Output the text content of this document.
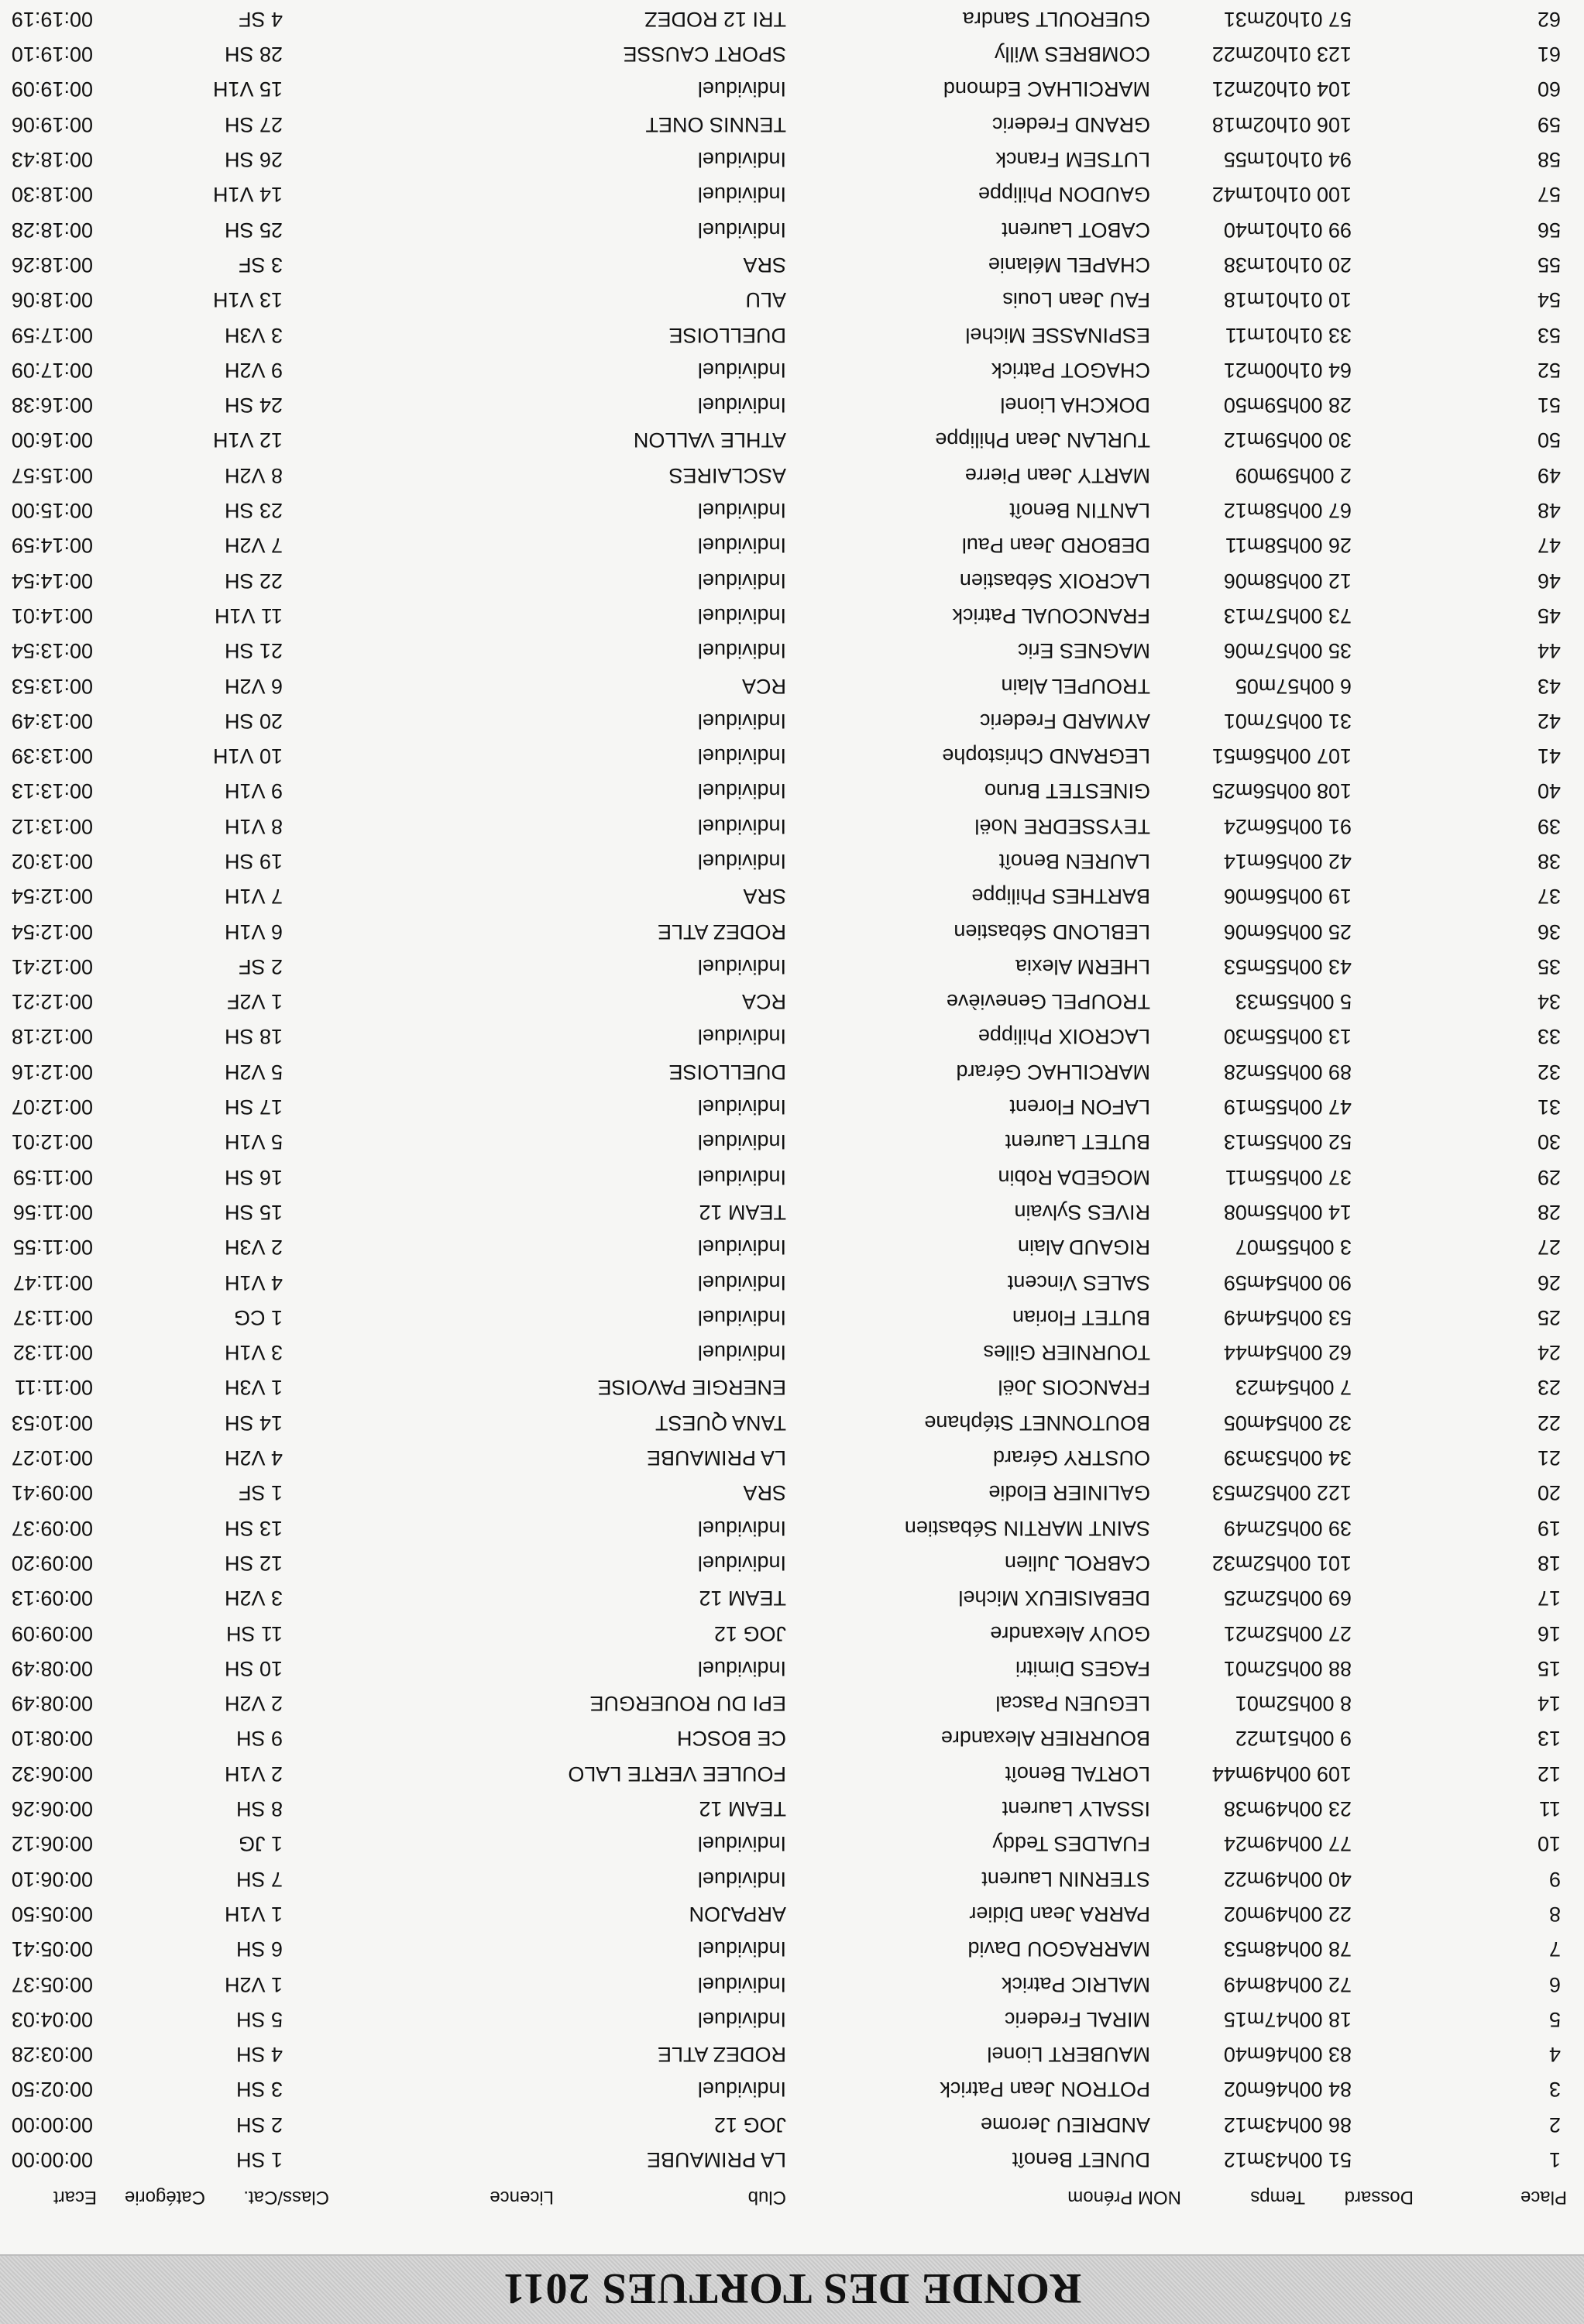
RONDE DES TORTUES 2011
Place
Dossard
Temps
NOM Prénom
Club
Licence
Class/Cat.
Catégorie
Ecart
1
51 00h43m12
DUNET Benoît
LA PRIMAUBE
1 SH
00:00:00
2
86 00h43m12
ANDRIEU Jerome
JOG 12
2 SH
00:00:00
3
84 00h46m02
POTRON Jean Patrick
Individuel
3 SH
00:02:50
4
83 00h46m40
MAUBERT Lionel
RODEZ ATLE
4 SH
00:03:28
5
18 00h47m15
MIRAL Frederic
Individuel
5 SH
00:04:03
6
72 00h48m49
MALRIC Patrick
Individuel
1 V2H
00:05:37
7
78 00h48m53
MARRAGOU David
Individuel
6 SH
00:05:41
8
22 00h49m02
PARRA Jean Didier
ARPAJON
1 V1H
00:05:50
9
40 00h49m22
STERNIN Laurent
Individuel
7 SH
00:06:10
10
77 00h49m24
FUALDES Teddy
Individuel
1 JG
00:06:12
11
23 00h49m38
ISSALY Laurent
TEAM 12
8 SH
00:06:26
12
109 00h49m44
LORTAL Benoît
FOULEE VERTE LALO
2 V1H
00:06:32
13
9 00h51m22
BOURRIER Alexandre
CE BOSCH
9 SH
00:08:10
14
8 00h52m01
LEGUEN Pascal
EPI DU ROUERGUE
2 V2H
00:08:49
15
88 00h52m01
FAGES Dimitri
Individuel
10 SH
00:08:49
16
27 00h52m21
GOUY Alexandre
JOG 12
11 SH
00:09:09
17
69 00h52m25
DEBAISIEUX Michel
TEAM 12
3 V2H
00:09:13
18
101 00h52m32
CABROL Julien
Individuel
12 SH
00:09:20
19
39 00h52m49
SAINT MARTIN Sébastien
Individuel
13 SH
00:09:37
20
122 00h52m53
GALINIER Elodie
SRA
1 SF
00:09:41
21
34 00h53m39
OUSTRY Gérard
LA PRIMAUBE
4 V2H
00:10:27
22
32 00h54m05
BOUTONNET Stéphane
TANA QUEST
14 SH
00:10:53
23
7 00h54m23
FRANCOIS Joël
ENERGIE PAVOISE
1 V3H
00:11:11
24
62 00h54m44
TOURNIER Gilles
Individuel
3 V1H
00:11:32
25
53 00h54m49
BUTET Florian
Individuel
1 CG
00:11:37
26
90 00h54m59
SALES Vincent
Individuel
4 V1H
00:11:47
27
3 00h55m07
RIGAUD Alain
Individuel
2 V3H
00:11:55
28
14 00h55m08
RIVES Sylvain
TEAM 12
15 SH
00:11:56
29
37 00h55m11
MOGEDA Robin
Individuel
16 SH
00:11:59
30
52 00h55m13
BUTET Laurent
Individuel
5 V1H
00:12:01
31
47 00h55m19
LAFON Florent
Individuel
17 SH
00:12:07
32
89 00h55m28
MARCILHAC Gérard
DUELLOISE
5 V2H
00:12:16
33
13 00h55m30
LACROIX Philippe
Individuel
18 SH
00:12:18
34
5 00h55m33
TROUPEL Geneviève
RCA
1 V2F
00:12:21
35
43 00h55m53
LHERM Alexia
Individuel
2 SF
00:12:41
36
25 00h56m06
LEBLOND Sébastien
RODEZ ATLE
6 V1H
00:12:54
37
19 00h56m06
BARTHES Philippe
SRA
7 V1H
00:12:54
38
42 00h56m14
LAUREN Benoît
Individuel
19 SH
00:13:02
39
91 00h56m24
TEYSSEDRE Noël
Individuel
8 V1H
00:13:12
40
108 00h56m25
GINESTET Bruno
Individuel
9 V1H
00:13:13
41
107 00h56m51
LEGRAND Christophe
Individuel
10 V1H
00:13:39
42
31 00h57m01
AYMARD Frederic
Individuel
20 SH
00:13:49
43
6 00h57m05
TROUPEL Alain
RCA
6 V2H
00:13:53
44
35 00h57m06
MAGNES Eric
Individuel
21 SH
00:13:54
45
73 00h57m13
FRANCOUAL Patrick
Individuel
11 V1H
00:14:01
46
12 00h58m06
LACROIX Sébastien
Individuel
22 SH
00:14:54
47
26 00h58m11
DEBORD Jean Paul
Individuel
7 V2H
00:14:59
48
67 00h58m12
LANTIN Benoît
Individuel
23 SH
00:15:00
49
2 00h59m09
MARTY Jean Pierre
ASCLAIRES
8 V2H
00:15:57
50
30 00h59m12
TURLAN Jean Philippe
ATHLE VALLON
12 V1H
00:16:00
51
28 00h59m50
DOKCHA Lionel
Individuel
24 SH
00:16:38
52
64 01h00m21
CHAGOT Patrick
Individuel
9 V2H
00:17:09
53
33 01h01m11
ESPINASSE Michel
DUELLOISE
3 V3H
00:17:59
54
10 01h01m18
FAU Jean Louis
ALU
13 V1H
00:18:06
55
20 01h01m38
CHAPEL Mélanie
SRA
3 SF
00:18:26
56
99 01h01m40
CABOT Laurent
Individuel
25 SH
00:18:28
57
100 01h01m42
GAUDON Philippe
Individuel
14 V1H
00:18:30
58
94 01h01m55
LUTSEM Franck
Individuel
26 SH
00:18:43
59
106 01h02m18
GRAND Frederic
TENNIS ONET
27 SH
00:19:06
60
104 01h02m21
MARCILHAC Edmond
Individuel
15 V1H
00:19:09
61
123 01h02m22
COMBRES Willy
SPORT CAUSSE
28 SH
00:19:10
62
57 01h02m31
GUEROULT Sandra
TRI 12 RODEZ
4 SF
00:19:19
